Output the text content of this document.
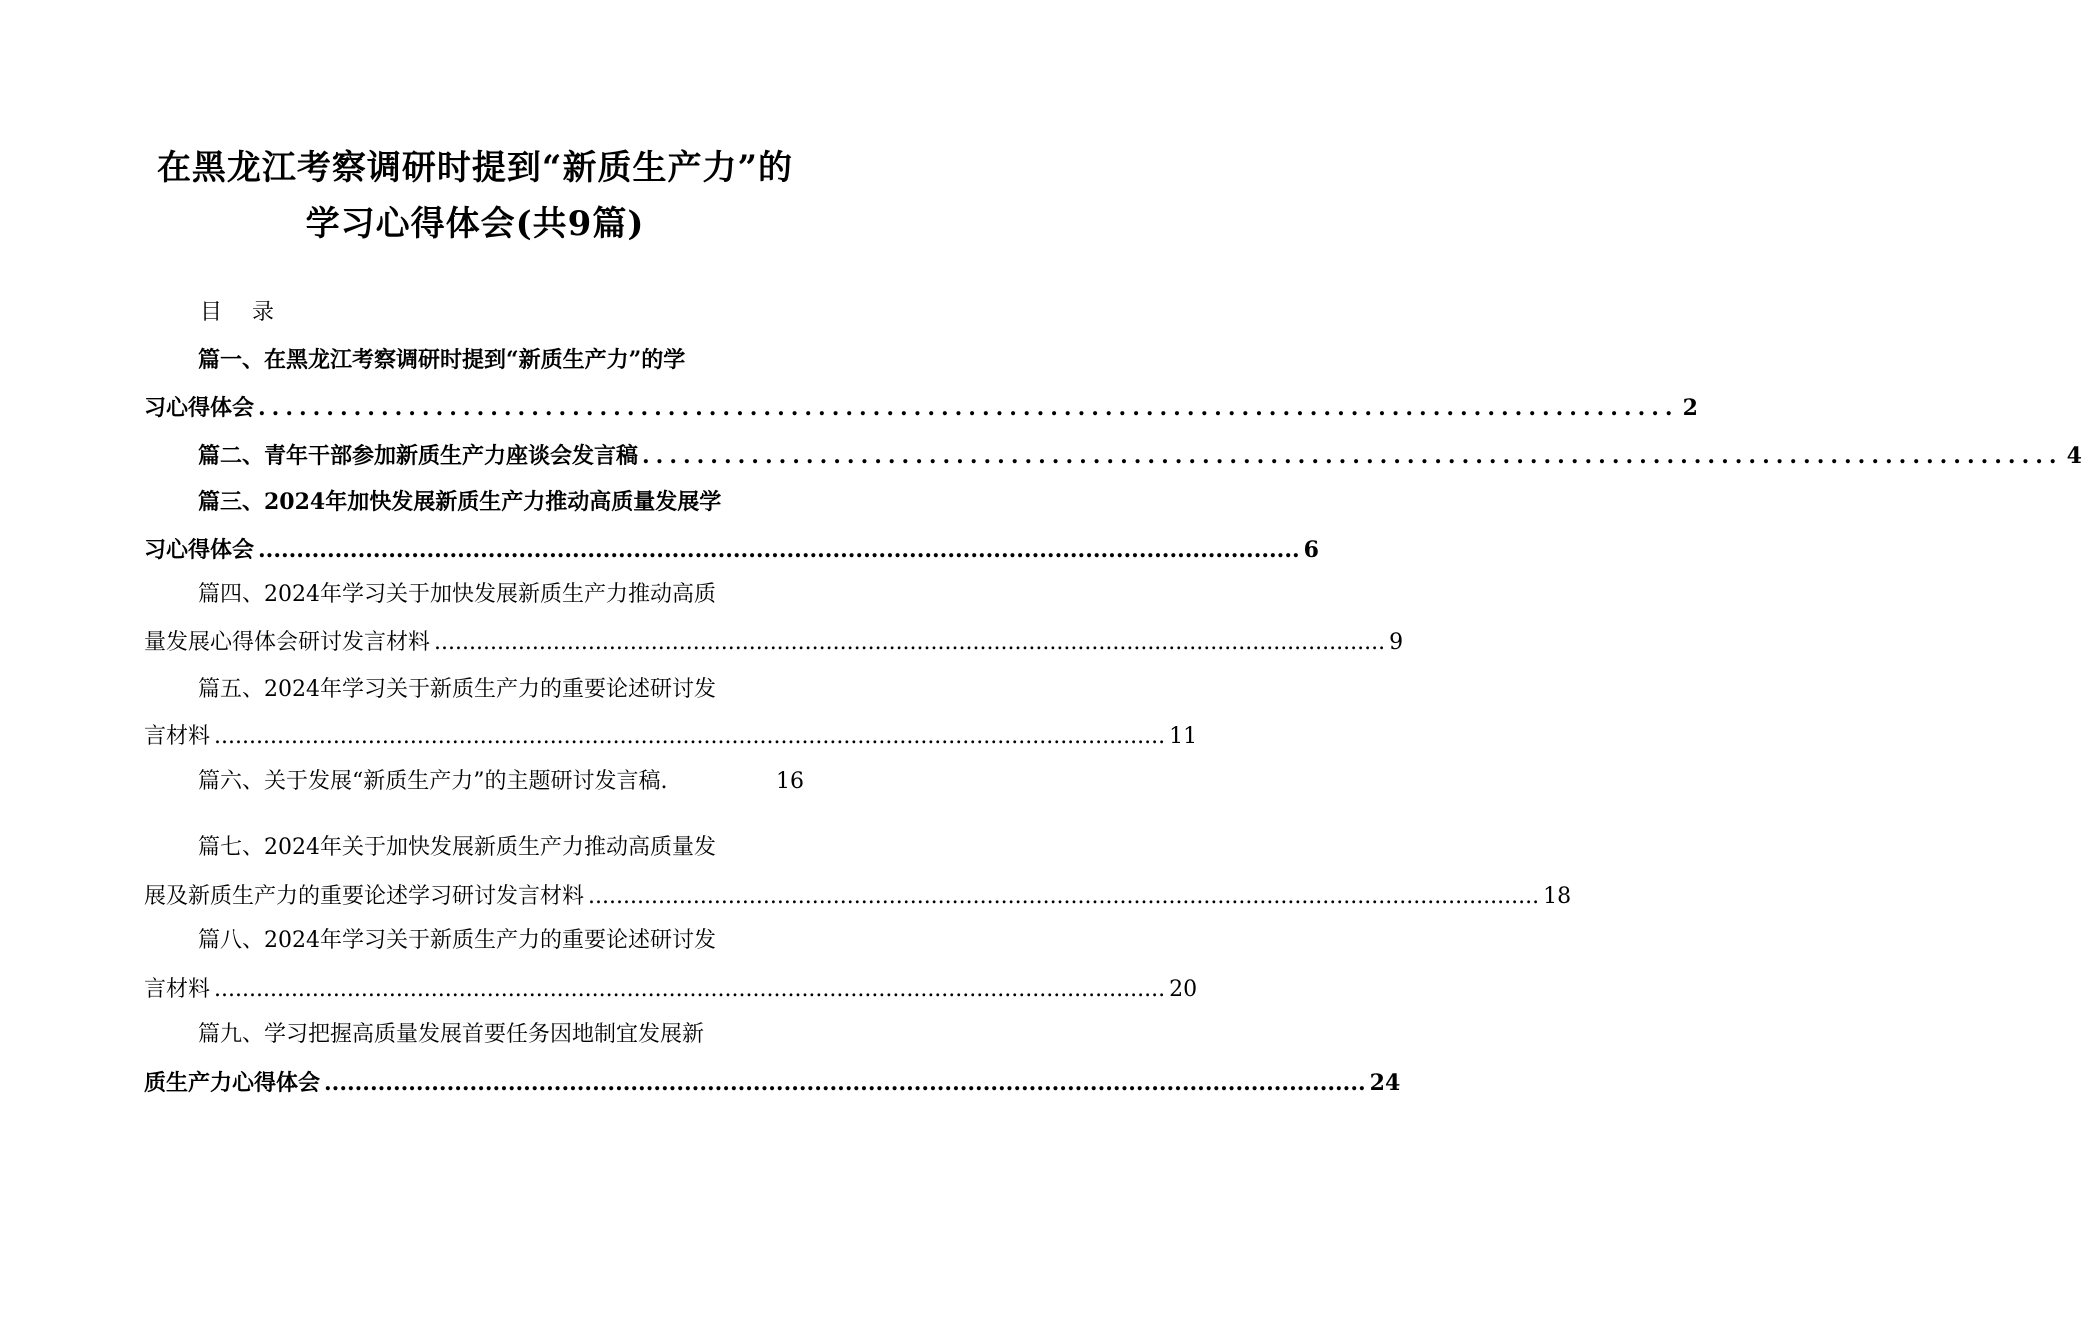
在黑龙江考察调研时提到“新质生产力”的
学习心得体会(共9篇)
目录
篇一、在黑龙江考察调研时提到“新质生产力”的学
习心得体会 ........................................................................................................ 2
篇二、青年干部参加新质生产力座谈会发言稿 ........................................................................................................ 4
篇三、2024年加快发展新质生产力推动高质量发展学
习心得体会 ........................................................................................................................................ 6
篇四、2024年学习关于加快发展新质生产力推动高质
量发展心得体会研讨发言材料 ........................................................................................................................................ 9
篇五、2024年学习关于新质生产力的重要论述研讨发
言材料 ........................................................................................................................................ 11
篇六、关于发展“新质生产力”的主题研讨发言稿.	16
篇七、2024年关于加快发展新质生产力推动高质量发
展及新质生产力的重要论述学习研讨发言材料 ........................................................................................................................................ 18
篇八、2024年学习关于新质生产力的重要论述研讨发
言材料 ........................................................................................................................................ 20
篇九、学习把握高质量发展首要任务因地制宜发展新
质生产力心得体会 ........................................................................................................................................ 24
